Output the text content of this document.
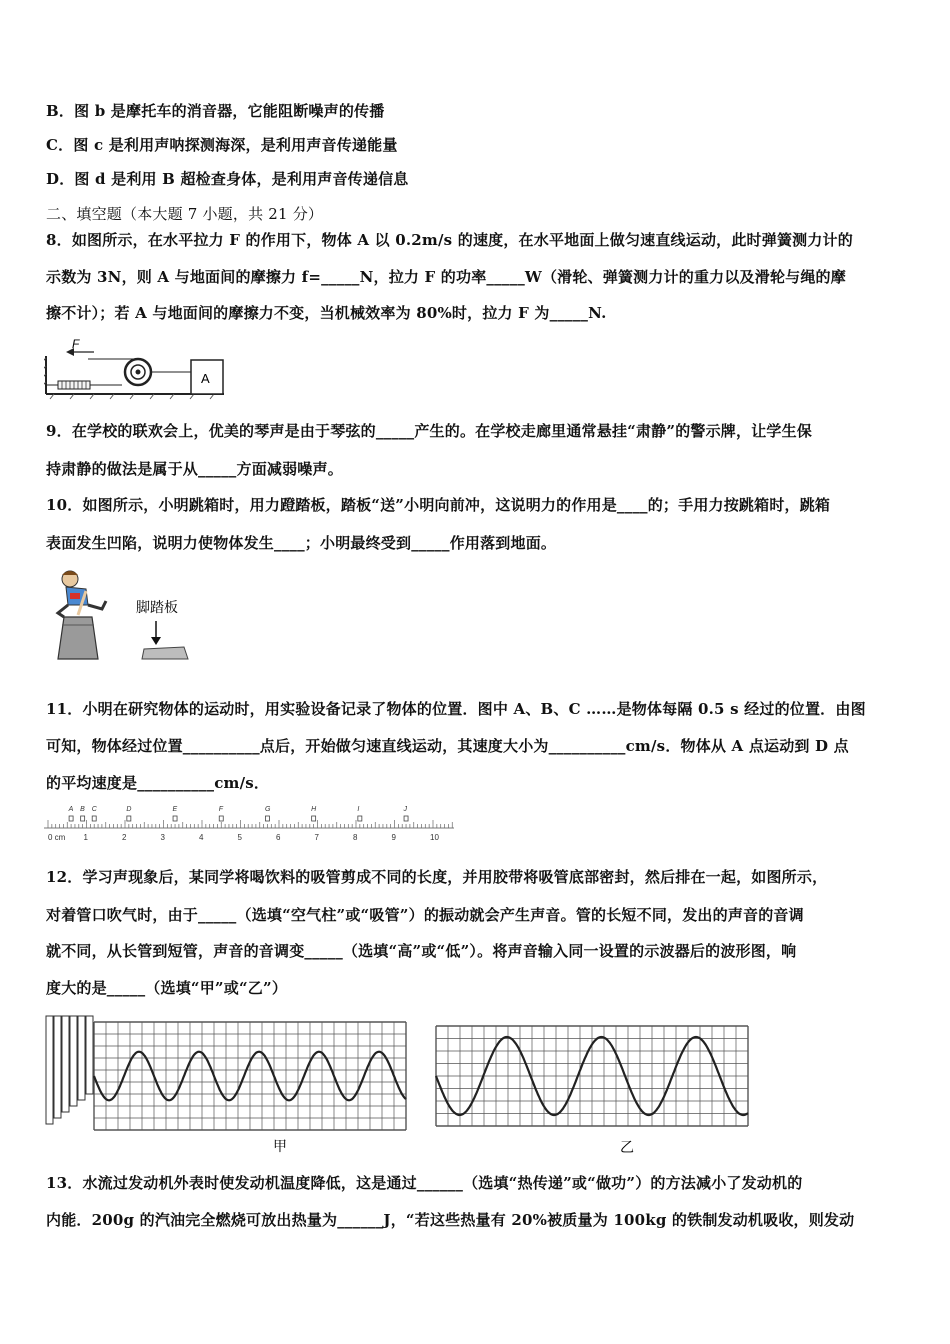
B．图 b 是摩托车的消音器，它能阻断噪声的传播
C．图 c 是利用声呐探测海深，是利用声音传递能量
D．图 d 是利用 B 超检查身体，是利用声音传递信息
二、填空题（本大题 7 小题，共 21 分）
8．如图所示，在水平拉力 F 的作用下，物体 A 以 0.2m/s 的速度，在水平地面上做匀速直线运动，此时弹簧测力计的
示数为 3N，则 A 与地面间的摩擦力 f=_____N，拉力 F 的功率_____W（滑轮、弹簧测力计的重力以及滑轮与绳的摩
擦不计）；若 A 与地面间的摩擦力不变，当机械效率为 80%时，拉力 F 为_____N.
F
A
9．在学校的联欢会上，优美的琴声是由于琴弦的_____产生的。在学校走廊里通常悬挂“肃静”的警示牌，让学生保
持肃静的做法是属于从_____方面减弱噪声。
10．如图所示，小明跳箱时，用力蹬踏板，踏板“送”小明向前冲，这说明力的作用是____的；手用力按跳箱时，跳箱
表面发生凹陷，说明力使物体发生____；小明最终受到_____作用落到地面。
脚踏板
11．小明在研究物体的运动时，用实验设备记录了物体的位置．图中 A、B、C ……是物体每隔 0.5 s 经过的位置．由图
可知，物体经过位置__________点后，开始做匀速直线运动，其速度大小为__________cm/s．物体从 A 点运动到 D 点
的平均速度是__________cm/s．
1	2	3	4	5	6	7	8	9	10
A B C	D	E	F	G	H	I	J
0 cm
12．学习声现象后，某同学将喝饮料的吸管剪成不同的长度，并用胶带将吸管底部密封，然后排在一起，如图所示，
对着管口吹气时，由于_____（选填“空气柱”或“吸管”）的振动就会产生声音。管的长短不同，发出的声音的音调
就不同，从长管到短管，声音的音调变_____（选填“高”或“低”）。将声音输入同一设置的示波器后的波形图，响
度大的是_____（选填“甲”或“乙”）
甲	乙
13．水流过发动机外表时使发动机温度降低，这是通过______（选填“热传递”或“做功”）的方法减小了发动机的
内能．200g 的汽油完全燃烧可放出热量为______J，“若这些热量有 20%被质量为 100kg 的铁制发动机吸收，则发动
